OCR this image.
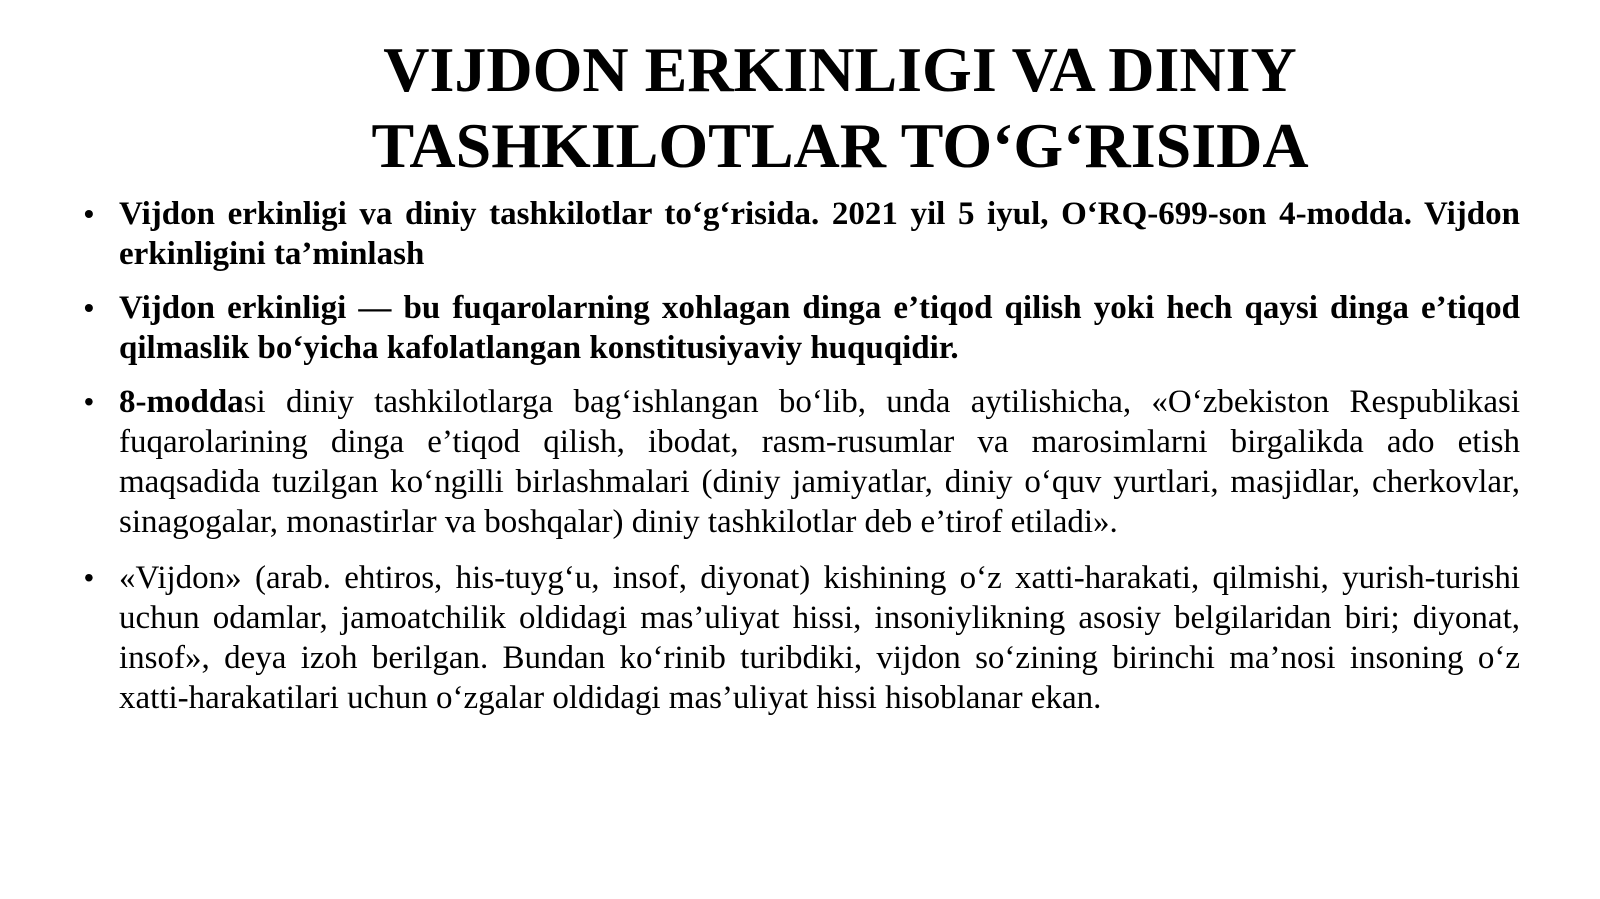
VIJDON ERKINLIGI VA DINIY
TASHKILOTLAR TO‘G‘RISIDA
• Vijdon erkinligi va diniy tashkilotlar to‘g‘risida. 2021 yil 5 iyul, O‘RQ-699-son 4-modda. Vijdon erkinligini ta’minlash
• Vijdon erkinligi — bu fuqarolarning xohlagan dinga e’tiqod qilish yoki hech qaysi dinga e’tiqod qilmaslik bo‘yicha kafolatlangan konstitusiyaviy huquqidir.
• 8-moddasi diniy tashkilotlarga bag‘ishlangan bo‘lib, unda aytilishicha, «O‘zbekiston Respublikasi fuqarolarining dinga e’tiqod qilish, ibodat, rasm-rusumlar va marosimlarni birgalikda ado etish maqsadida tuzilgan ko‘ngilli birlashmalari (diniy jamiyatlar, diniy o‘quv yurtlari, masjidlar, cherkovlar, sinagogalar, monastirlar va boshqalar) diniy tashkilotlar deb e’tirof etiladi».
• «Vijdon» (arab. ehtiros, his-tuyg‘u, insof, diyonat) kishining o‘z xatti-harakati, qilmishi, yurish-turishi uchun odamlar, jamoatchilik oldidagi mas’uliyat hissi, insoniylikning asosiy belgilaridan biri; diyonat, insof», deya izoh berilgan. Bundan ko‘rinib turibdiki, vijdon so‘zining birinchi ma’nosi insoning o‘z xatti-harakatilari uchun o‘zgalar oldidagi mas’uliyat hissi hisoblanar ekan.
